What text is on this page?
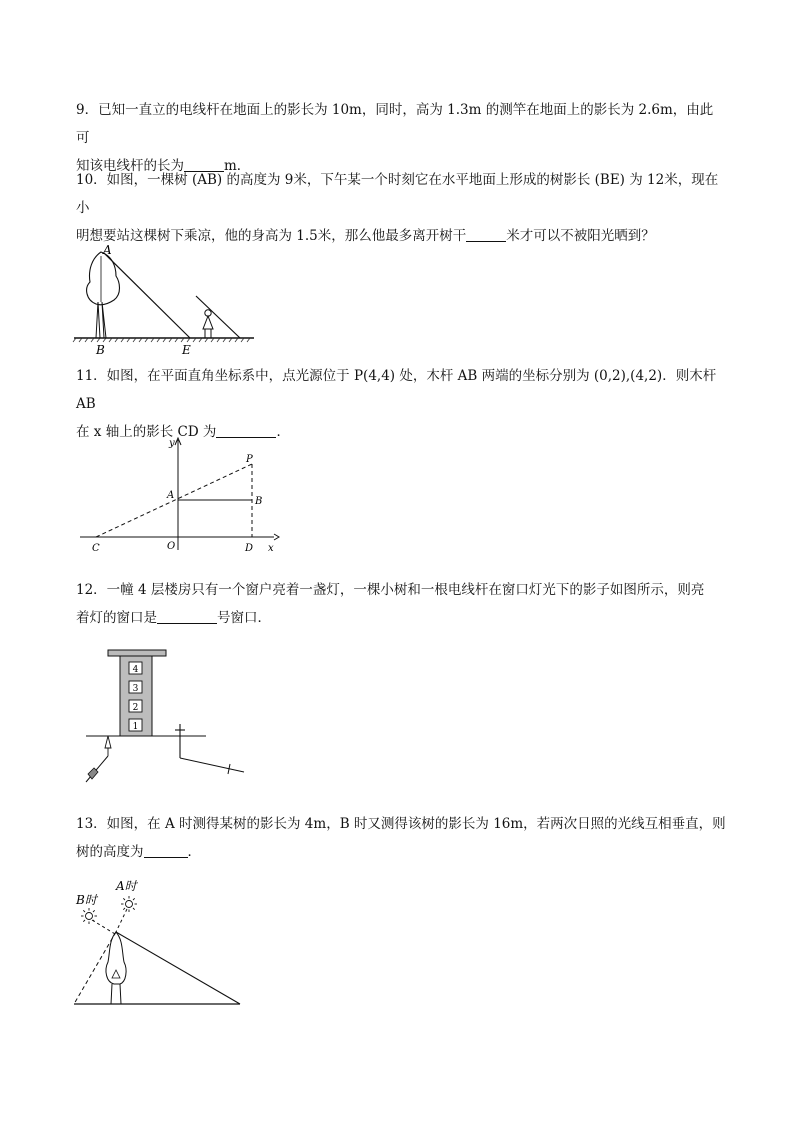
9．已知一直立的电线杆在地面上的影长为 10m，同时，高为 1.3m 的测竿在地面上的影长为 2.6m，由此可
知该电线杆的长为	m．

10．如图，一棵树 (AB) 的高度为 9米，下午某一个时刻它在水平地面上形成的树影长 (BE) 为 12米，现在小
明想要站这棵树下乘凉，他的身高为 1.5米，那么他最多离开树干	米才可以不被阳光晒到？

A
B	E

11．如图，在平面直角坐标系中，点光源位于 P(4,4) 处，木杆 AB 两端的坐标分别为 (0,2),(4,2)．则木杆 AB
在 x 轴上的影长 CD 为	．

y
P
A
B
C	O	D x

12．一幢 4 层楼房只有一个窗户亮着一盏灯，一棵小树和一根电线杆在窗口灯光下的影子如图所示，则亮
着灯的窗口是	号窗口．

4
3
2
1

13．如图，在 A 时测得某树的影长为 4m，B 时又测得该树的影长为 16m，若两次日照的光线互相垂直，则
树的高度为	．

B时
A时
